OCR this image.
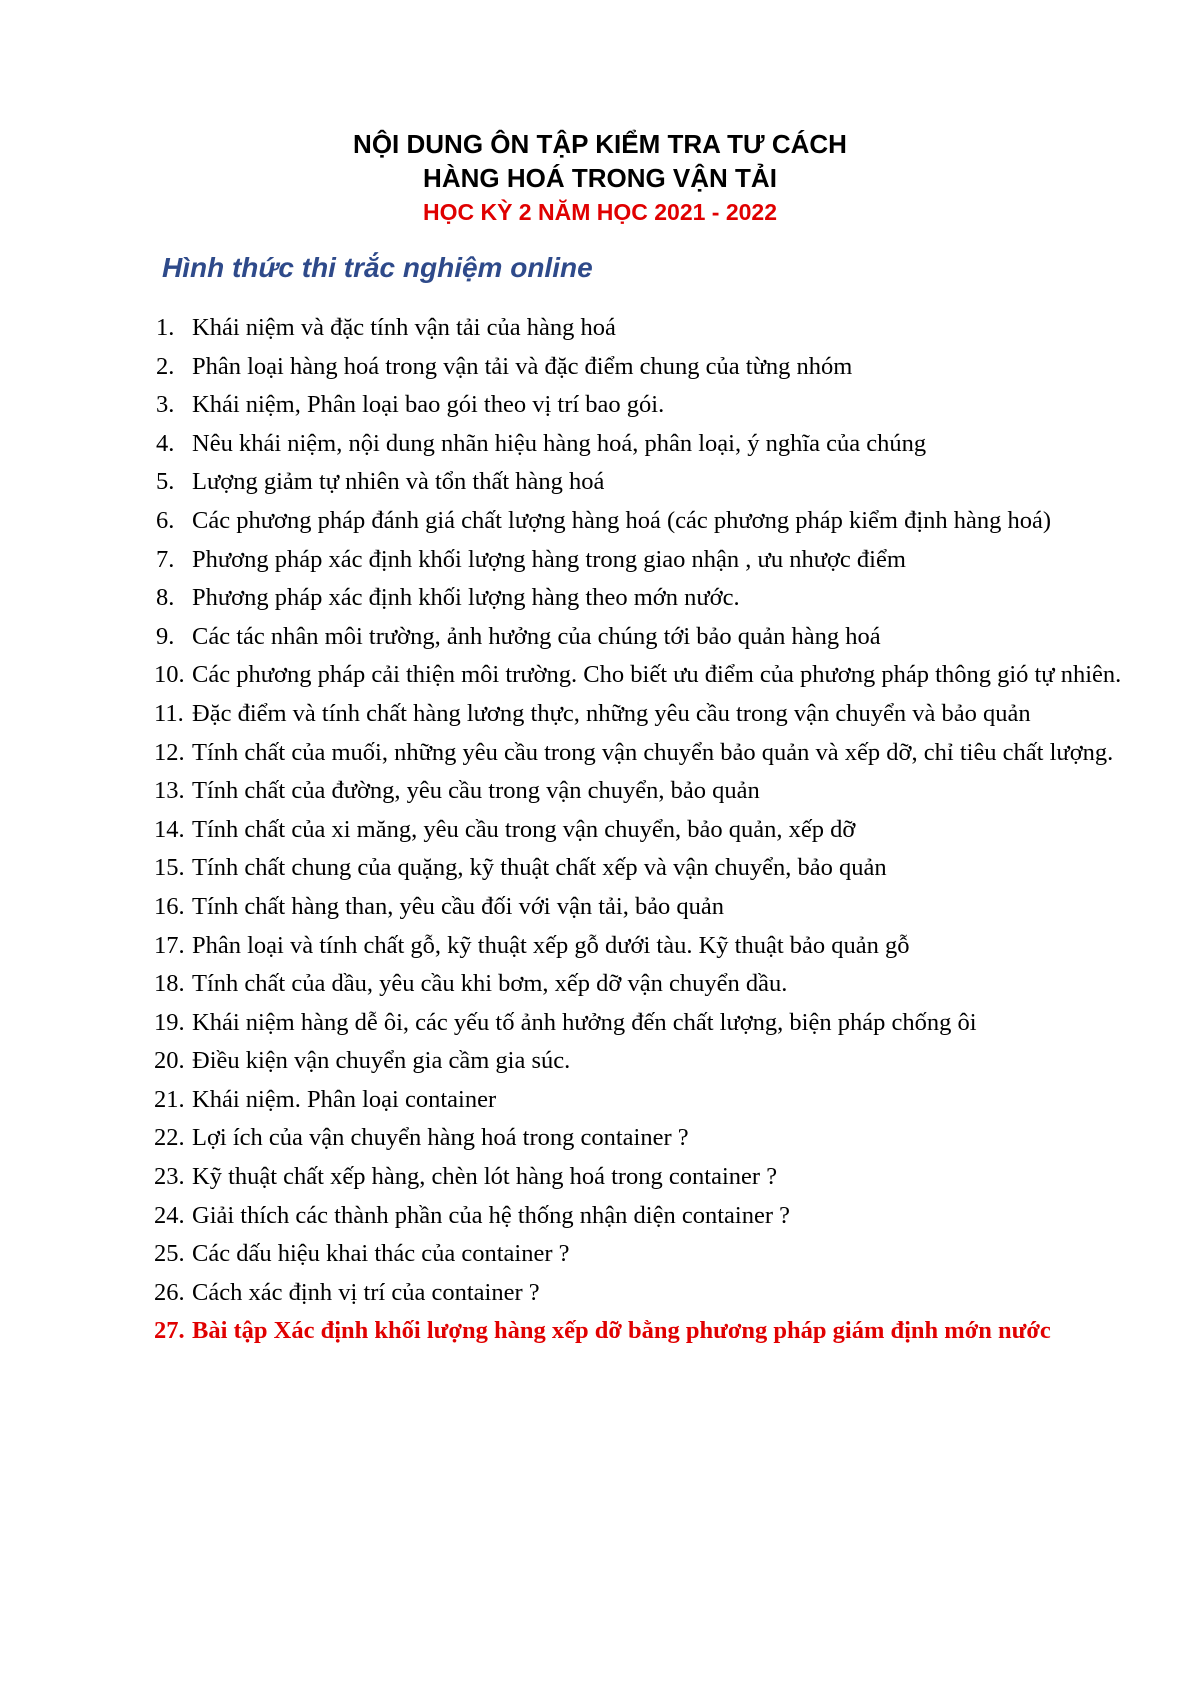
NỘI DUNG ÔN TẬP KIỂM TRA TƯ CÁCH
HÀNG HOÁ TRONG VẬN TẢI
HỌC KỲ 2 NĂM HỌC 2021 - 2022
Hình thức thi trắc nghiệm online
1. Khái niệm và đặc tính vận tải của hàng hoá
2. Phân loại hàng hoá trong vận tải và đặc điểm chung của từng nhóm
3. Khái niệm, Phân loại bao gói theo vị trí bao gói.
4. Nêu khái niệm, nội dung nhãn hiệu hàng hoá, phân loại, ý nghĩa của chúng
5. Lượng giảm tự nhiên và tổn thất hàng hoá
6. Các phương pháp đánh giá chất lượng hàng hoá (các phương pháp kiểm định hàng hoá)
7. Phương pháp xác định khối lượng hàng trong giao nhận , ưu nhược điểm
8. Phương pháp xác định khối lượng hàng theo mớn nước.
9. Các tác nhân môi trường, ảnh hưởng của chúng tới bảo quản hàng hoá
10. Các phương pháp cải thiện môi trường. Cho biết ưu điểm của phương pháp thông gió tự nhiên.
11. Đặc điểm và tính chất hàng lương thực, những yêu cầu trong vận chuyển và bảo quản
12. Tính chất của muối, những yêu cầu trong vận chuyển bảo quản và xếp dỡ, chỉ tiêu chất lượng.
13. Tính chất của đường, yêu cầu trong vận chuyển, bảo quản
14. Tính chất của xi măng, yêu cầu trong vận chuyển, bảo quản, xếp dỡ
15. Tính chất chung của quặng, kỹ thuật chất xếp và vận chuyển, bảo quản
16. Tính chất hàng than, yêu cầu đối với vận tải, bảo quản
17. Phân loại và tính chất gỗ, kỹ thuật xếp gỗ dưới tàu. Kỹ thuật bảo quản gỗ
18. Tính chất của dầu, yêu cầu khi bơm, xếp dỡ vận chuyển dầu.
19. Khái niệm hàng dễ ôi, các yếu tố ảnh hưởng đến chất lượng, biện pháp chống ôi
20. Điều kiện vận chuyển gia cầm gia súc.
21. Khái niệm. Phân loại container
22. Lợi ích của vận chuyển hàng hoá trong container ?
23. Kỹ thuật chất xếp hàng, chèn lót hàng hoá trong container ?
24. Giải thích các thành phần của hệ thống nhận diện container ?
25. Các dấu hiệu khai thác của container ?
26. Cách xác định vị trí của container ?
27. Bài tập Xác định khối lượng hàng xếp dỡ bằng phương pháp giám định mớn nước
